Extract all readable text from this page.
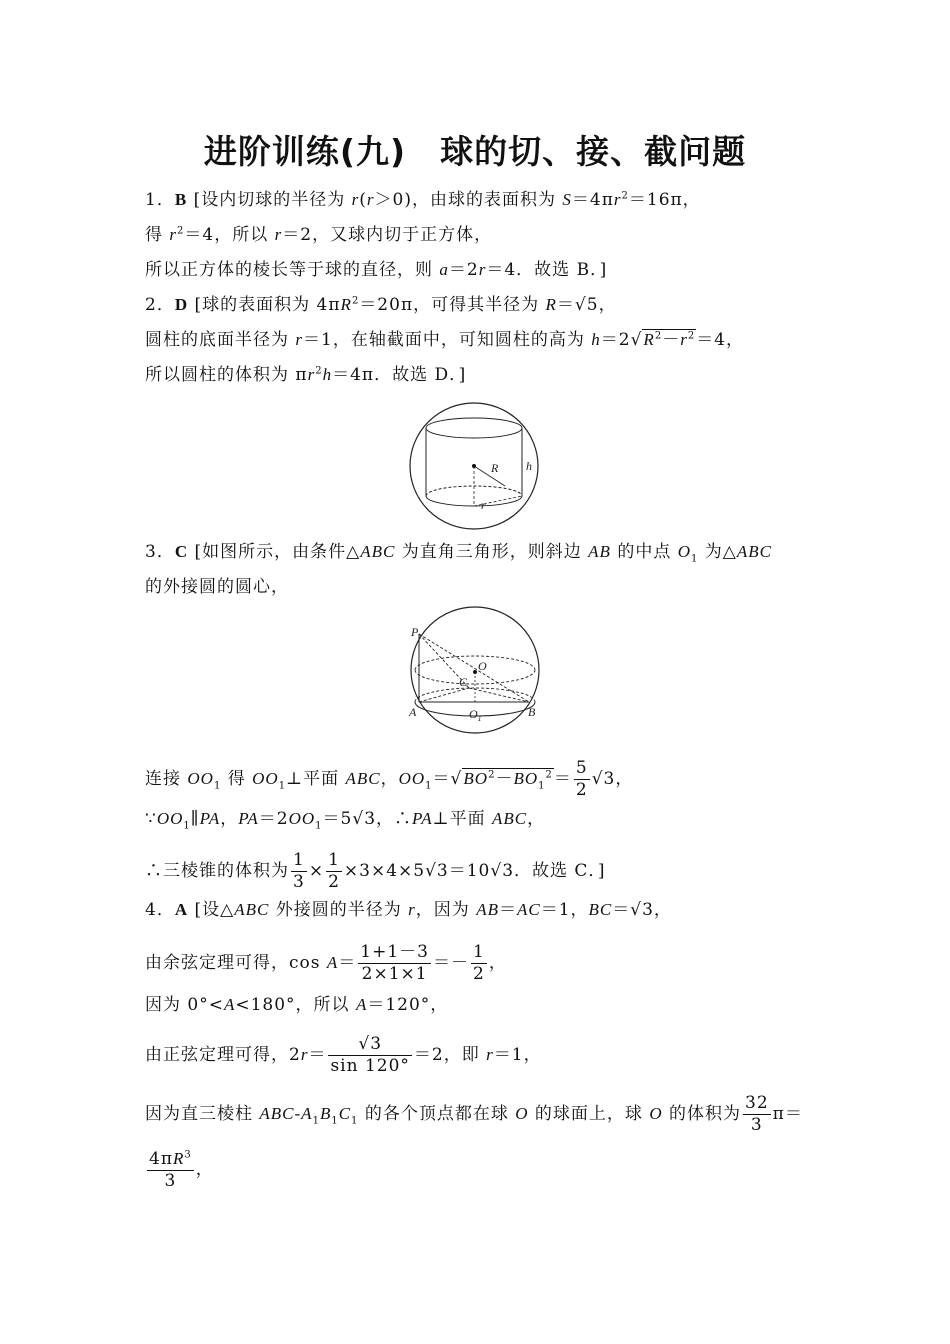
进阶训练(九)　球的切、接、截问题
1．B [设内切球的半径为 r(r＞0)，由球的表面积为 $S=4\pi r^2=16\pi$，
得 $r^2=4$，所以 r＝2，又球内切于正方体，
所以正方体的棱长等于球的直径，则 a＝2r＝4．故选 B．]
2．D [球的表面积为 $4\pi R^2=20\pi$，可得其半径为 R＝√5，
圆柱的底面半径为 r＝1，在轴截面中，可知圆柱的高为 $h=2√R^2-r^2=4$，
所以圆柱的体积为 $\pi r^2h=4\pi$．故选 D．]
R h
r
3．C [如图所示，由条件△ABC 为直角三角形，则斜边 AB 的中点 $O_1$ 为△ABC
的外接圆的圆心，
P
O
C
A	$O_1$	B
连接 $OO_1$ 得 $OO_1\perp$平面 ABC，$OO_1=√BO^2-BO_1^2= \frac{5}{2} √3$，
$\because OO_1\parallel PA$，$PA=2OO_1=5√3$，∴PA⊥平面 ABC，
∴三棱锥的体积为 $\frac{1}{3} \times \frac{1}{2} \times 3\times 4\times 5√3=10√3$．故选 C．]
4．A [设△ABC 外接圆的半径为 r，因为 AB＝AC＝1，BC＝√3，
由余弦定理可得，$\cos A= \frac{1+1-3}{2\times 1\times 1} =- \frac{1}{2}$ ，
因为 0°<A<180°，所以 A＝120°，
由正弦定理可得，$2r= \frac{√3}{\sin 120^\circ} =2$，即 r＝1，
因为直三棱柱 ABC-$A_1B_1C_1$ 的各个顶点都在球 O 的球面上，球 O 的体积为 $\frac{32}{3} \pi=$
$\frac{4\pi R^3}{3}$ ，
